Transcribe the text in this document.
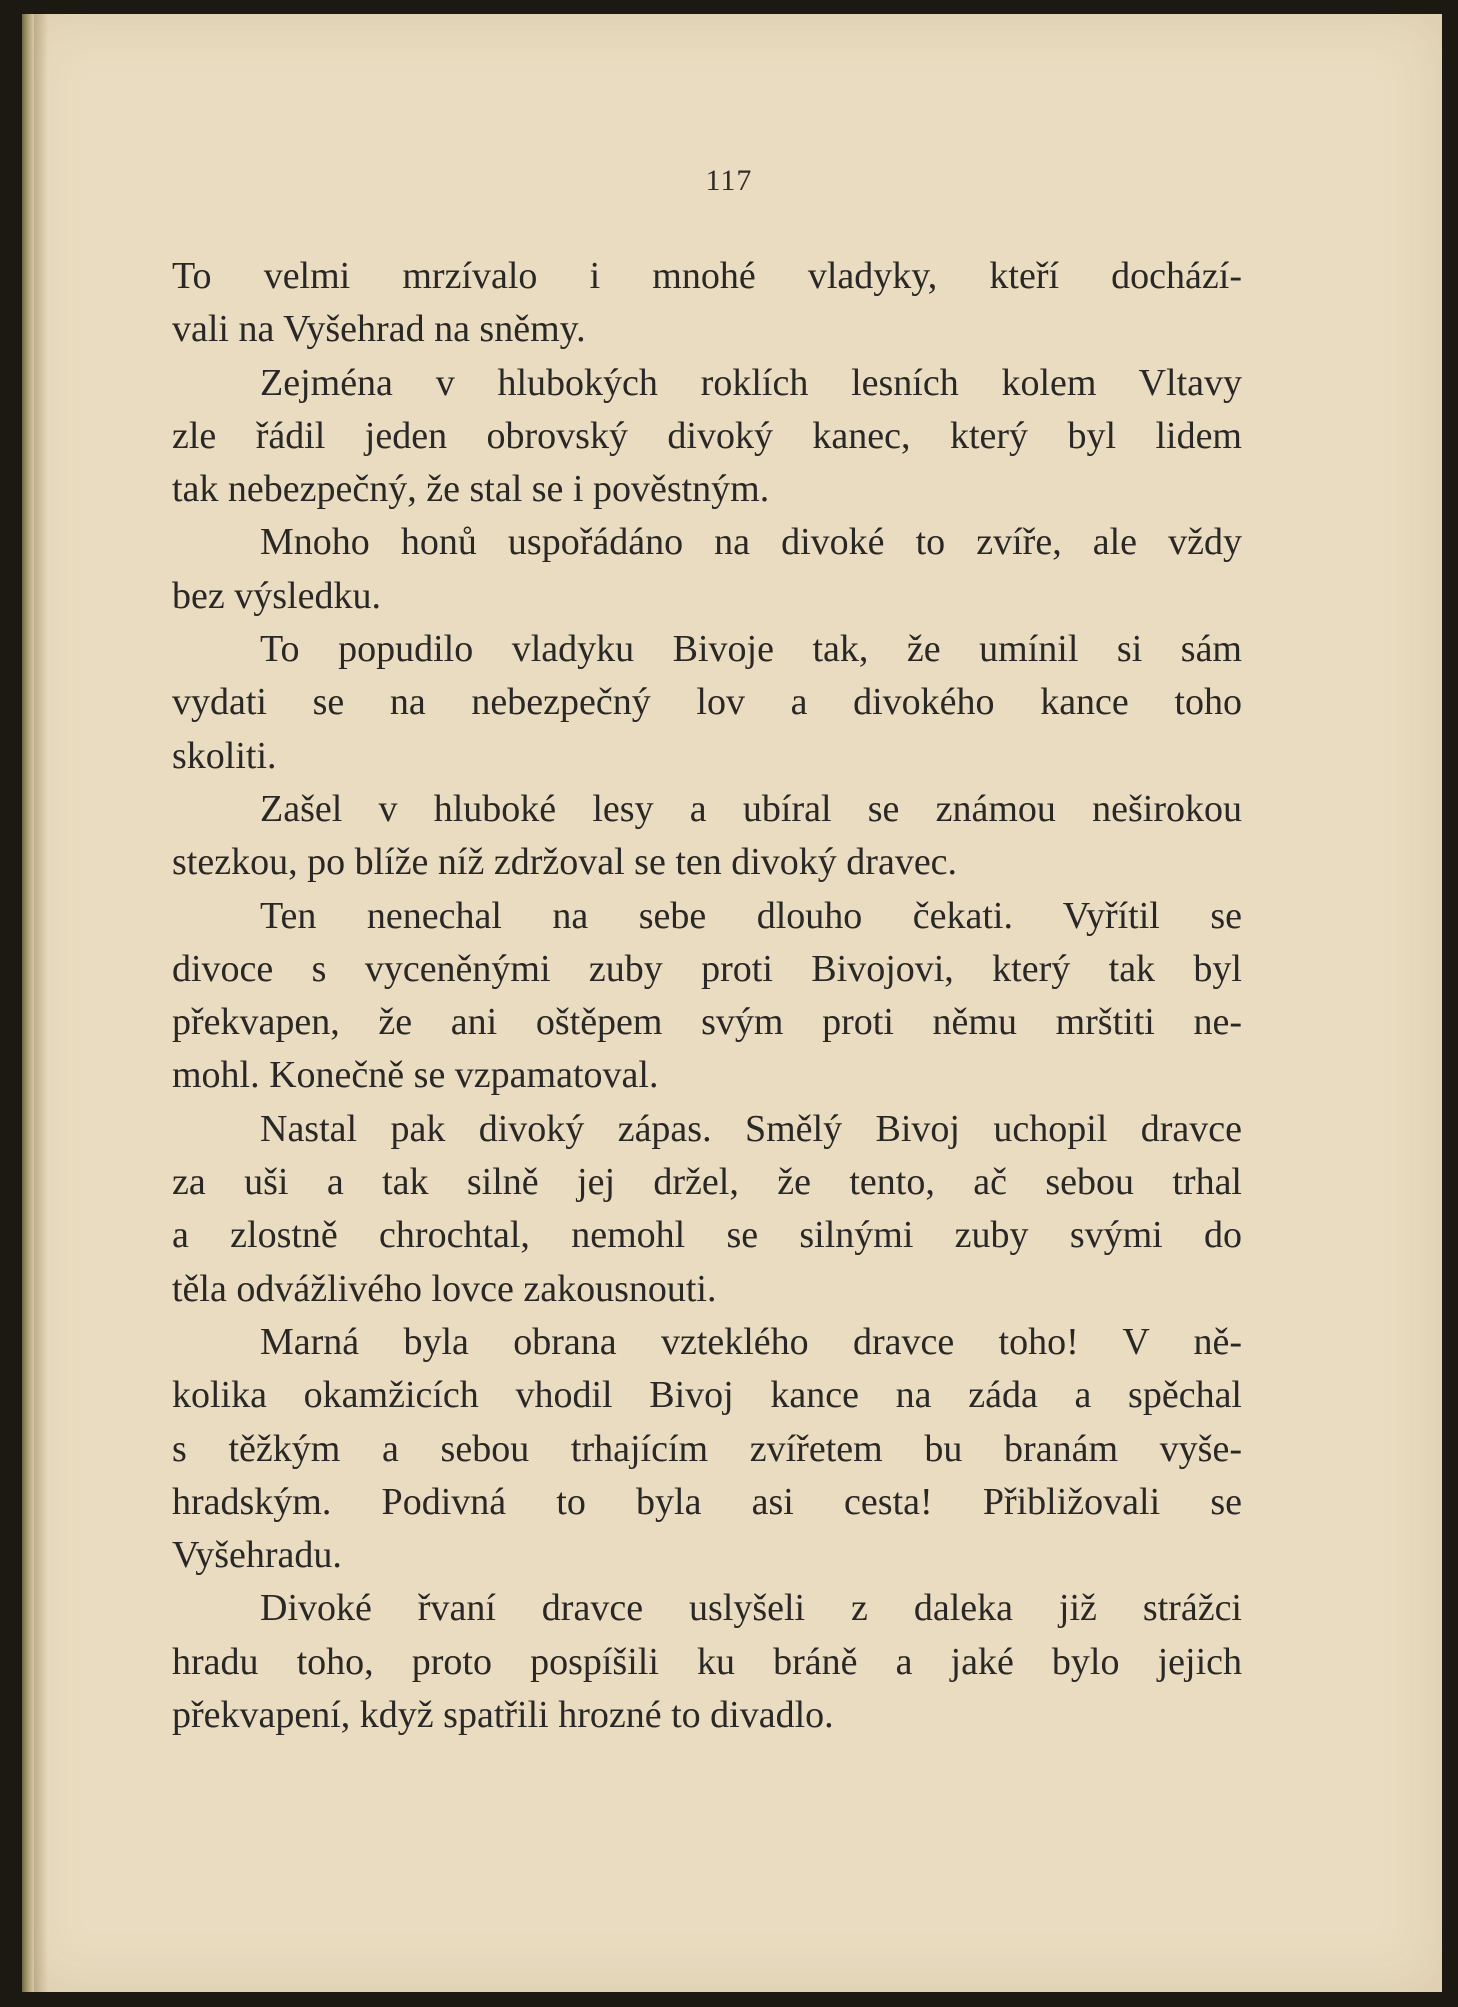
117
To velmi mrzívalo i mnohé vladyky, kteří dochází-
vali na Vyšehrad na sněmy.
Zejména v hlubokých roklích lesních kolem Vltavy
zle řádil jeden obrovský divoký kanec, který byl lidem
tak nebezpečný, že stal se i pověstným.
Mnoho honů uspořádáno na divoké to zvíře, ale vždy
bez výsledku.
To popudilo vladyku Bivoje tak, že umínil si sám
vydati se na nebezpečný lov a divokého kance toho
skoliti.
Zašel v hluboké lesy a ubíral se známou neširokou
stezkou, po blíže níž zdržoval se ten divoký dravec.
Ten nenechal na sebe dlouho čekati. Vyřítil se
divoce s vyceněnými zuby proti Bivojovi, který tak byl
překvapen, že ani oštěpem svým proti němu mrštiti ne-
mohl. Konečně se vzpamatoval.
Nastal pak divoký zápas. Smělý Bivoj uchopil dravce
za uši a tak silně jej držel, že tento, ač sebou trhal
a zlostně chrochtal, nemohl se silnými zuby svými do
těla odvážlivého lovce zakousnouti.
Marná byla obrana vzteklého dravce toho! V ně-
kolika okamžicích vhodil Bivoj kance na záda a spěchal
s těžkým a sebou trhajícím zvířetem bu branám vyše-
hradským. Podivná to byla asi cesta! Přibližovali se
Vyšehradu.
Divoké řvaní dravce uslyšeli z daleka již strážci
hradu toho, proto pospíšili ku bráně a jaké bylo jejich
překvapení, když spatřili hrozné to divadlo.
